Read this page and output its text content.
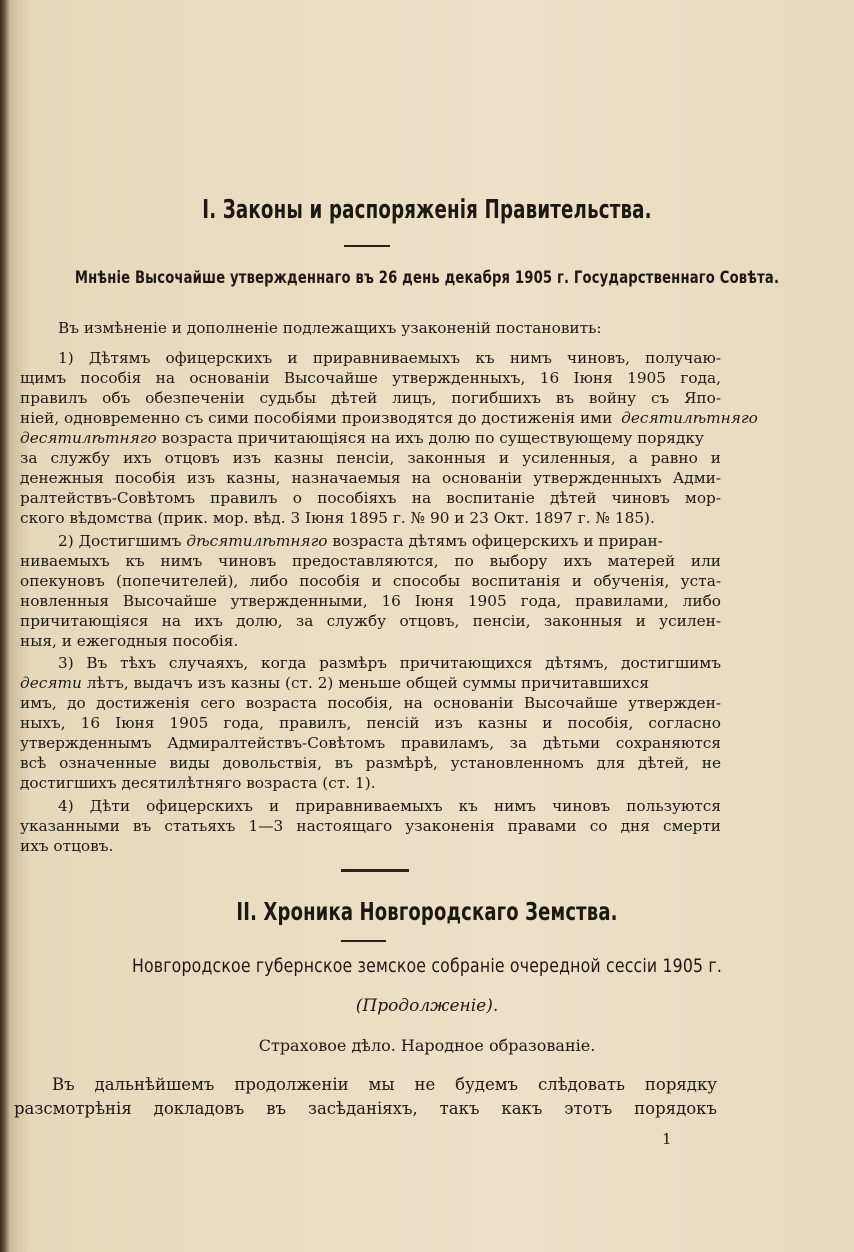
I. Законы и распоряженія Правительства.
Мнѣніе Высочайше утвержденнаго въ 26 день декабря 1905 г. Государственнаго Совѣта.
Въ измѣненіе и дополненіе подлежащихъ узаконеній постановить:
1) Дѣтямъ офицерскихъ и приравниваемыхъ къ нимъ чиновъ, получаю-
щимъ пособія на основаніи Высочайше утвержденныхъ, 16 Іюня 1905 года,
правилъ объ обезпеченіи судьбы дѣтей лицъ, погибшихъ въ войну съ Япо-
ніей, одновременно съ сими пособіями производятся до достиженія ими десятилѣтняго
десятилѣтняго возраста причитающіяся на ихъ долю по существующему порядку
за службу ихъ отцовъ изъ казны пенсіи, законныя и усиленныя, а равно и
денежныя пособія изъ казны, назначаемыя на основаніи утвержденныхъ Адми-
ралтействъ-Совѣтомъ правилъ о пособіяхъ на воспитаніе дѣтей чиновъ мор-
ского вѣдомства (прик. мор. вѣд. 3 Іюня 1895 г. № 90 и 23 Окт. 1897 г. № 185).
2) Достигшимъ дѣсятилѣтняго возраста дѣтямъ офицерскихъ и приран-
ниваемыхъ къ нимъ чиновъ предоставляются, по выбору ихъ матерей или
опекуновъ (попечителей), либо пособія и способы воспитанія и обученія, уста-
новленныя Высочайше утвержденными, 16 Іюня 1905 года, правилами, либо
причитающіяся на ихъ долю, за службу отцовъ, пенсіи, законныя и усилен-
ныя, и ежегодныя пособія.
3) Въ тѣхъ случаяхъ, когда размѣръ причитающихся дѣтямъ, достигшимъ
десяти лѣтъ, выдачъ изъ казны (ст. 2) меньше общей суммы причитавшихся
имъ, до достиженія сего возраста пособія, на основаніи Высочайше утвержден-
ныхъ, 16 Іюня 1905 года, правилъ, пенсій изъ казны и пособія, согласно
утвержденнымъ Адмиралтействъ-Совѣтомъ правиламъ, за дѣтьми сохраняются
всѣ означенные виды довольствія, въ размѣрѣ, установленномъ для дѣтей, не
достигшихъ десятилѣтняго возраста (ст. 1).
4) Дѣти офицерскихъ и приравниваемыхъ къ нимъ чиновъ пользуются
указанными въ статьяхъ 1—3 настоящаго узаконенія правами со дня смерти
ихъ отцовъ.
II. Хроника Новгородскаго Земства.
Новгородское губернское земское собраніе очередной сессіи 1905 г.
(Продолженіе).
Страховое дѣло. Народное образованіе.
Въ дальнѣйшемъ продолженіи мы не будемъ слѣдовать порядку
разсмотрѣнія докладовъ въ засѣданіяхъ, такъ какъ этотъ порядокъ
1
